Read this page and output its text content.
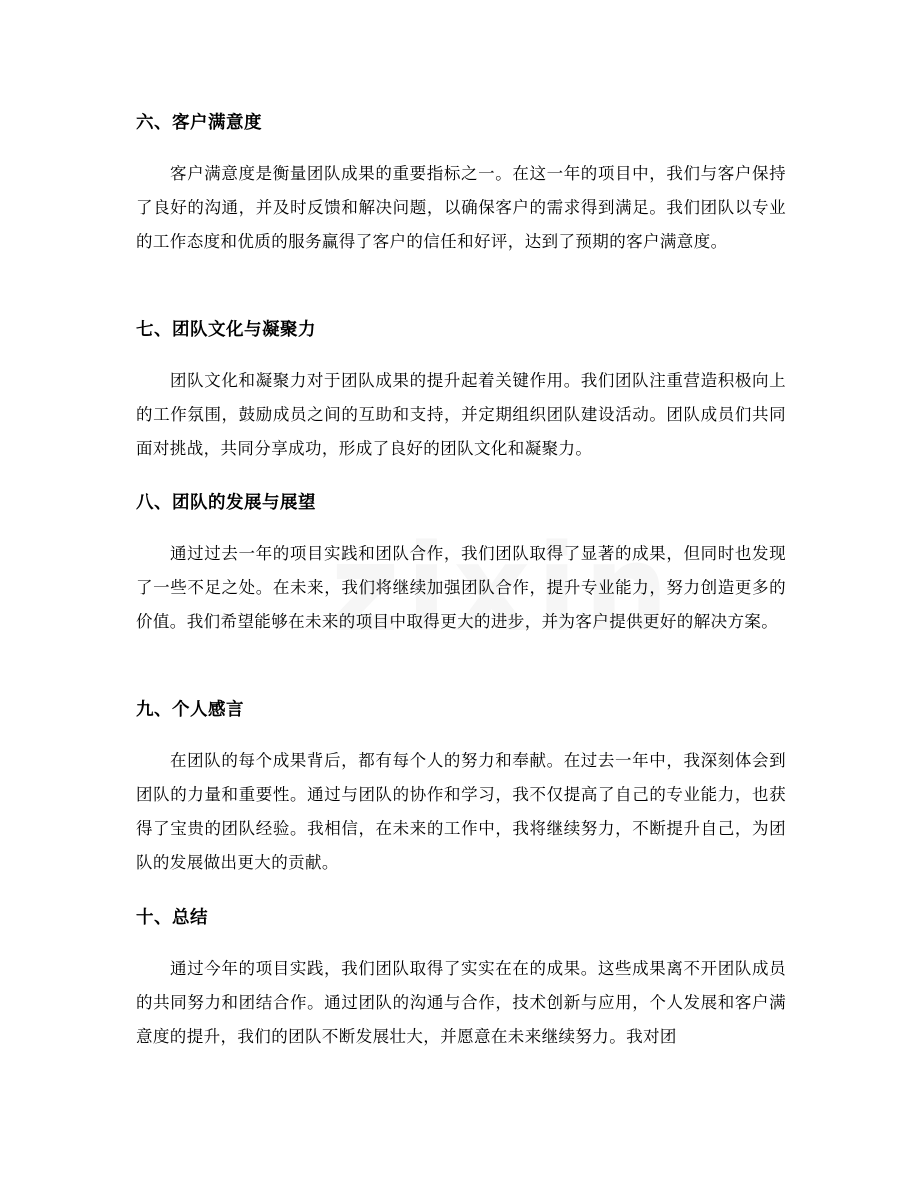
六、客户满意度

客户满意度是衡量团队成果的重要指标之一。在这一年的项目中，我们与客户保持了良好的沟通，并及时反馈和解决问题，以确保客户的需求得到满足。我们团队以专业的工作态度和优质的服务赢得了客户的信任和好评，达到了预期的客户满意度。

七、团队文化与凝聚力

团队文化和凝聚力对于团队成果的提升起着关键作用。我们团队注重营造积极向上的工作氛围，鼓励成员之间的互助和支持，并定期组织团队建设活动。团队成员们共同面对挑战，共同分享成功，形成了良好的团队文化和凝聚力。

八、团队的发展与展望

通过过去一年的项目实践和团队合作，我们团队取得了显著的成果，但同时也发现了一些不足之处。在未来，我们将继续加强团队合作，提升专业能力，努力创造更多的价值。我们希望能够在未来的项目中取得更大的进步，并为客户提供更好的解决方案。

九、个人感言

在团队的每个成果背后，都有每个人的努力和奉献。在过去一年中，我深刻体会到团队的力量和重要性。通过与团队的协作和学习，我不仅提高了自己的专业能力，也获得了宝贵的团队经验。我相信，在未来的工作中，我将继续努力，不断提升自己，为团队的发展做出更大的贡献。

十、总结

通过今年的项目实践，我们团队取得了实实在在的成果。这些成果离不开团队成员的共同努力和团结合作。通过团队的沟通与合作，技术创新与应用，个人发展和客户满意度的提升，我们的团队不断发展壮大，并愿意在未来继续努力。我对团
